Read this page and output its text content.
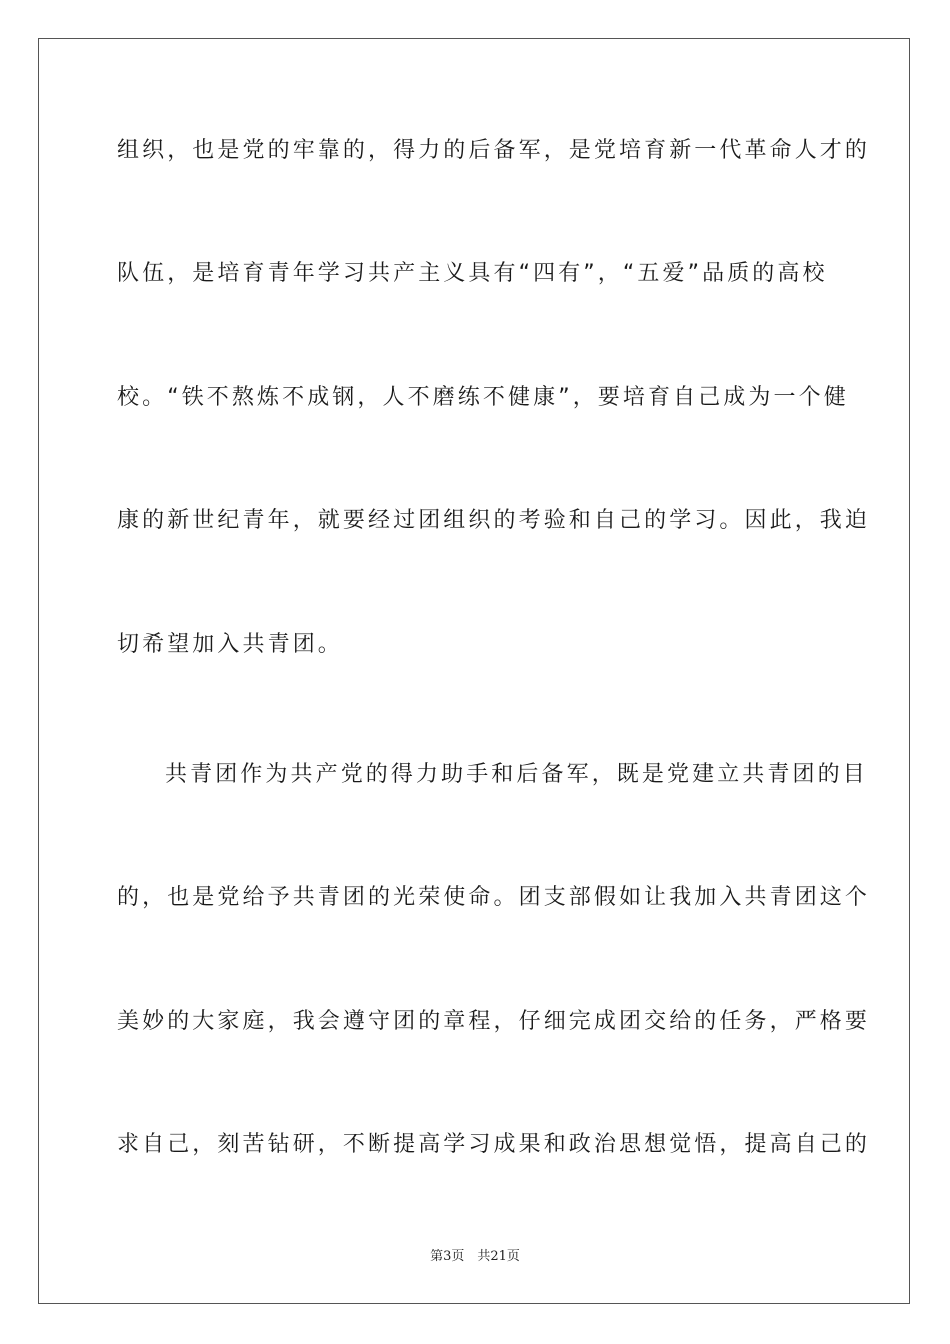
组织，也是党的牢靠的，得力的后备军，是党培育新一代革命人才的
队伍，是培育青年学习共产主义具有“四有”，“五爱”品质的高校
校。“铁不熬炼不成钢，人不磨练不健康”，要培育自己成为一个健
康的新世纪青年，就要经过团组织的考验和自己的学习。因此，我迫
切希望加入共青团。
共青团作为共产党的得力助手和后备军，既是党建立共青团的目
的，也是党给予共青团的光荣使命。团支部假如让我加入共青团这个
美妙的大家庭，我会遵守团的章程，仔细完成团交给的任务，严格要
求自己，刻苦钻研，不断提高学习成果和政治思想觉悟，提高自己的
第3页　共21页
